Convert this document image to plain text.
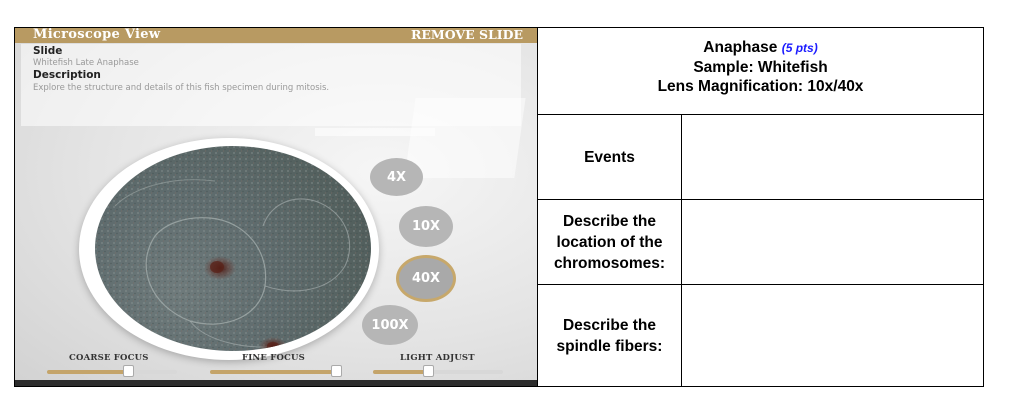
Microscope View	REMOVE SLIDE
Slide
Whitefish Late Anaphase
Description
Explore the structure and details of this fish specimen during mitosis.
4X
10X
40X
100X
COARSE FOCUS	FINE FOCUS	LIGHT ADJUST
Anaphase (5 pts)
Sample: Whitefish
Lens Magnification: 10x/40x
Events
Describe the location of the chromosomes:
Describe the spindle fibers:
